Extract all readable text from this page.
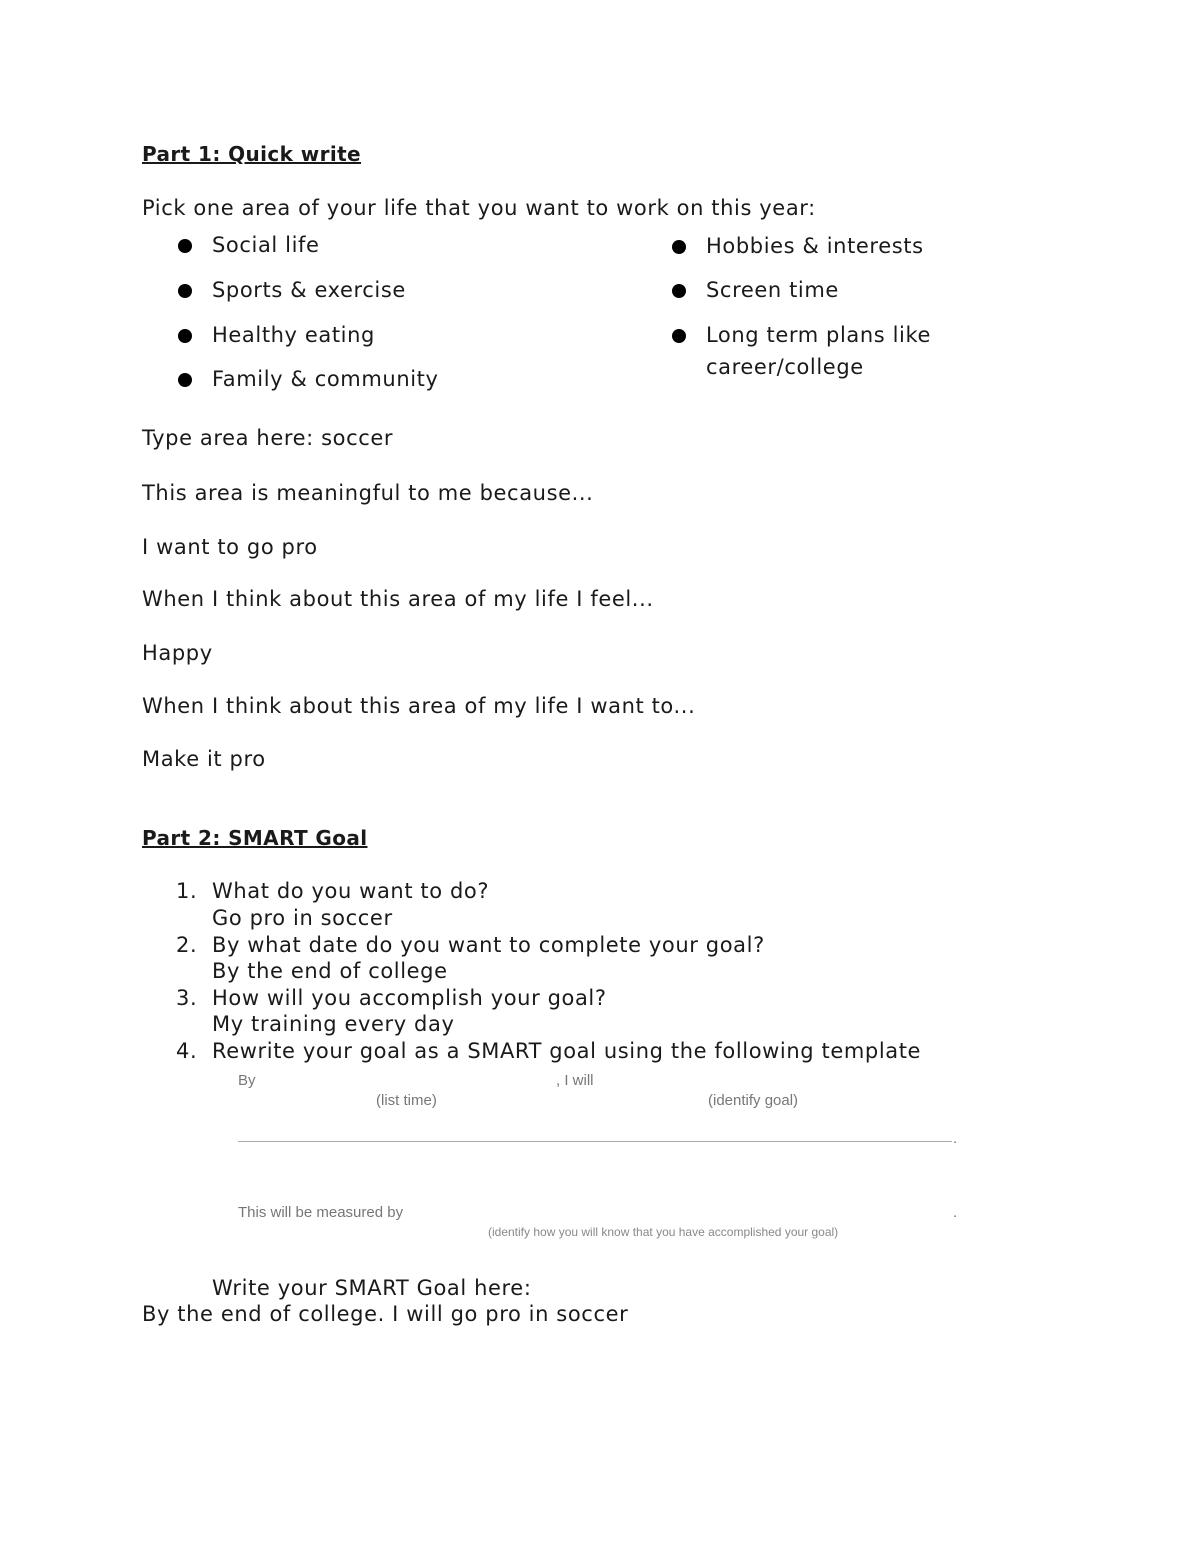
Part 1: Quick write
Pick one area of your life that you want to work on this year:
Social life
Sports & exercise
Healthy eating
Family & community
Hobbies & interests
Screen time
Long term plans like
career/college
Type area here: soccer
This area is meaningful to me because...
I want to go pro
When I think about this area of my life I feel...
Happy
When I think about this area of my life I want to...
Make it pro
Part 2: SMART Goal
1. What do you want to do?
Go pro in soccer
2. By what date do you want to complete your goal?
By the end of college
3. How will you accomplish your goal?
My training every day
4. Rewrite your goal as a SMART goal using the following template
By	, I will
(list time)	(identify goal)
.
This will be measured by	.
(identify how you will know that you have accomplished your goal)
Write your SMART Goal here:
By the end of college. I will go pro in soccer
